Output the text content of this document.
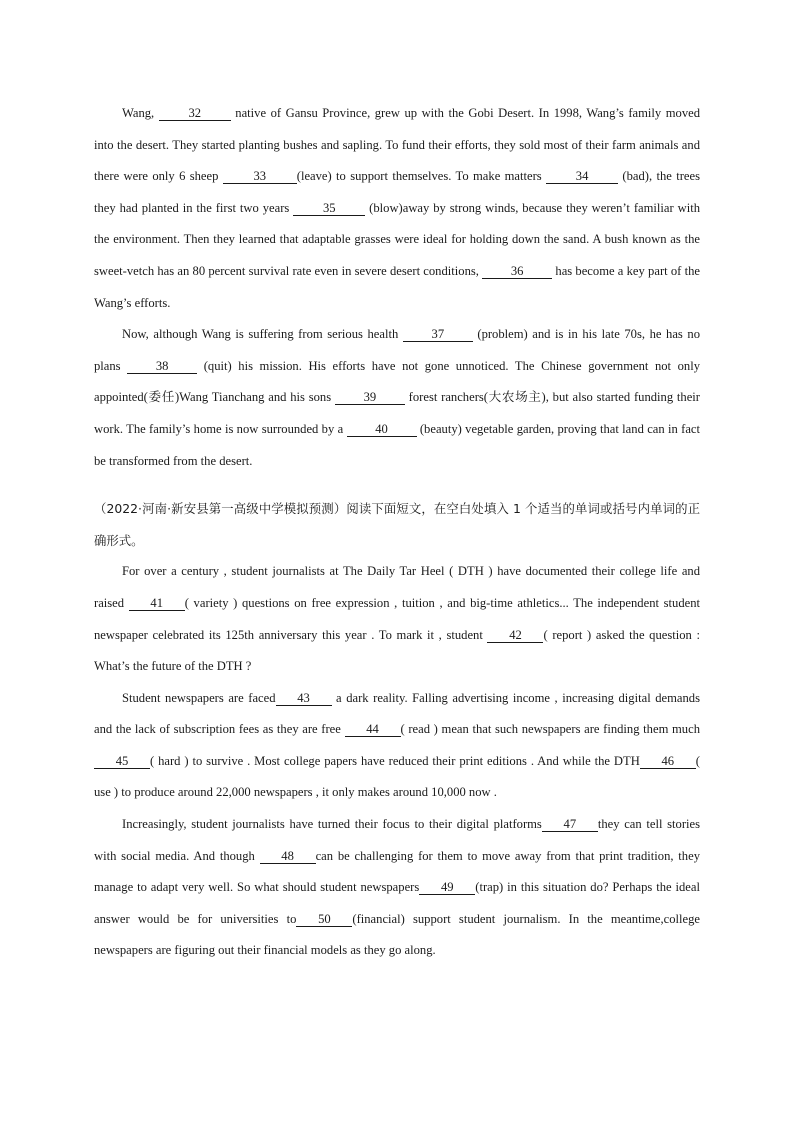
Wang, 32 native of Gansu Province, grew up with the Gobi Desert. In 1998, Wang’s family moved into the desert. They started planting bushes and sapling. To fund their efforts, they sold most of their farm animals and there were only 6 sheep 33 (leave) to support themselves. To make matters 34 (bad), the trees they had planted in the first two years 35 (blow)away by strong winds, because they weren’t familiar with the environment. Then they learned that adaptable grasses were ideal for holding down the sand. A bush known as the sweet-vetch has an 80 percent survival rate even in severe desert conditions, 36 has become a key part of the Wang’s efforts.

Now, although Wang is suffering from serious health 37 (problem) and is in his late 70s, he has no plans 38 (quit) his mission. His efforts have not gone unnoticed. The Chinese government not only appointed(委任)Wang Tianchang and his sons 39 forest ranchers(大农场主), but also started funding their work. The family’s home is now surrounded by a 40 (beauty) vegetable garden, proving that land can in fact be transformed from the desert.

（2022·河南·新安县第一高级中学模拟预测）阅读下面短文，在空白处填入 1 个适当的单词或括号内单词的正确形式。

For over a century , student journalists at The Daily Tar Heel ( DTH ) have documented their college life and raised 41 ( variety ) questions on free expression , tuition , and big-time athletics... The independent student newspaper celebrated its 125th anniversary this year . To mark it , student 42 ( report ) asked the question : What’s the future of the DTH ?

Student newspapers are faced 43 a dark reality. Falling advertising income , increasing digital demands and the lack of subscription fees as they are free 44 ( read ) mean that such newspapers are finding them much 45 ( hard ) to survive . Most college papers have reduced their print editions . And while the DTH 46 ( use ) to produce around 22,000 newspapers , it only makes around 10,000 now .

Increasingly, student journalists have turned their focus to their digital platforms 47 they can tell stories with social media. And though 48 can be challenging for them to move away from that print tradition, they manage to adapt very well. So what should student newspapers 49 (trap) in this situation do? Perhaps the ideal answer would be for universities to 50 (financial) support student journalism. In the meantime,college newspapers are figuring out their financial models as they go along.
